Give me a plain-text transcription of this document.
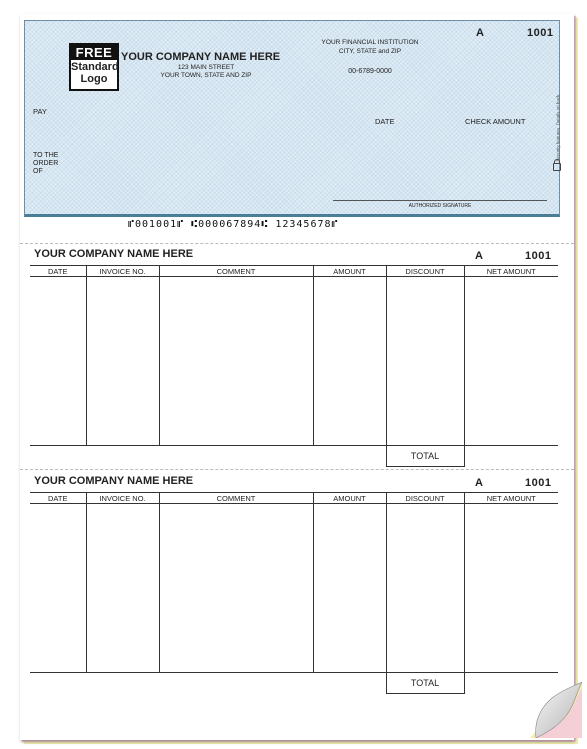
FREE
Standard
Logo
YOUR COMPANY NAME HERE
123 MAIN STREET
YOUR TOWN, STATE AND ZIP
YOUR FINANCIAL INSTITUTION
CITY, STATE and ZIP
00-6789-0000
A	1001
PAY
TO THE
ORDER
OF
DATE	CHECK AMOUNT
AUTHORIZED SIGNATURE
Security features. Details on back.
⑈001001⑈ ⑆000067894⑆ 12345678⑈
YOUR COMPANY NAME HERE	A	1001
DATE	INVOICE NO.	COMMENT	AMOUNT	DISCOUNT	NET AMOUNT

				TOTAL	
YOUR COMPANY NAME HERE	A	1001
DATE	INVOICE NO.	COMMENT	AMOUNT	DISCOUNT	NET AMOUNT

				TOTAL	
